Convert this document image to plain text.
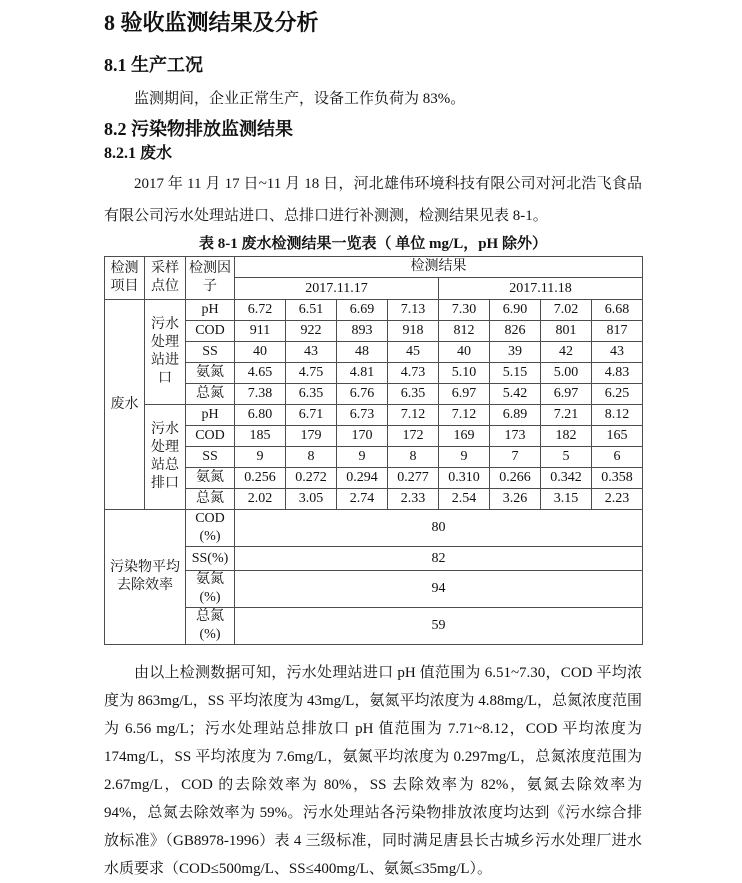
8 验收监测结果及分析
8.1 生产工况

监测期间，企业正常生产，设备工作负荷为 83%。

8.2 污染物排放监测结果
8.2.1 废水

2017 年 11 月 17 日~11 月 18 日，河北雄伟环境科技有限公司对河北浩飞食品有限公司污水处理站进口、总排口进行补测测，检测结果见表 8-1。

表 8-1 废水检测结果一览表（ 单位 mg/L，pH 除外）
检测项目	采样点位	检测因子	检测结果							
			2017.11.17				2017.11.18			
废水	污水处理站进口	pH	6.72	6.51	6.69	7.13	7.30	6.90	7.02	6.68
		COD	911	922	893	918	812	826	801	817
		SS	40	43	48	45	40	39	42	43
		氨氮	4.65	4.75	4.81	4.73	5.10	5.15	5.00	4.83
		总氮	7.38	6.35	6.76	6.35	6.97	5.42	6.97	6.25
	污水处理站总排口	pH	6.80	6.71	6.73	7.12	7.12	6.89	7.21	8.12
		COD	185	179	170	172	169	173	182	165
		SS	9	8	9	8	9	7	5	6
		氨氮	0.256	0.272	0.294	0.277	0.310	0.266	0.342	0.358
		总氮	2.02	3.05	2.74	2.33	2.54	3.26	3.15	2.23
污染物平均去除效率		COD(%)	80							
		SS(%)	82							
		氨氮(%)	94							
		总氮(%)	59							

由以上检测数据可知，污水处理站进口 pH 值范围为 6.51~7.30，COD 平均浓度为 863mg/L，SS 平均浓度为 43mg/L，氨氮平均浓度为 4.88mg/L，总氮浓度范围为 6.56 mg/L；污水处理站总排放口 pH 值范围为 7.71~8.12，COD 平均浓度为 174mg/L，SS 平均浓度为 7.6mg/L，氨氮平均浓度为 0.297mg/L，总氮浓度范围为 2.67mg/L，COD 的去除效率为 80%，SS 去除效率为 82%，氨氮去除效率为 94%，总氮去除效率为 59%。污水处理站各污染物排放浓度均达到《污水综合排放标准》（GB8978-1996）表 4 三级标准，同时满足唐县长古城乡污水处理厂进水水质要求（COD≤500mg/L、SS≤400mg/L、氨氮≤35mg/L）。
